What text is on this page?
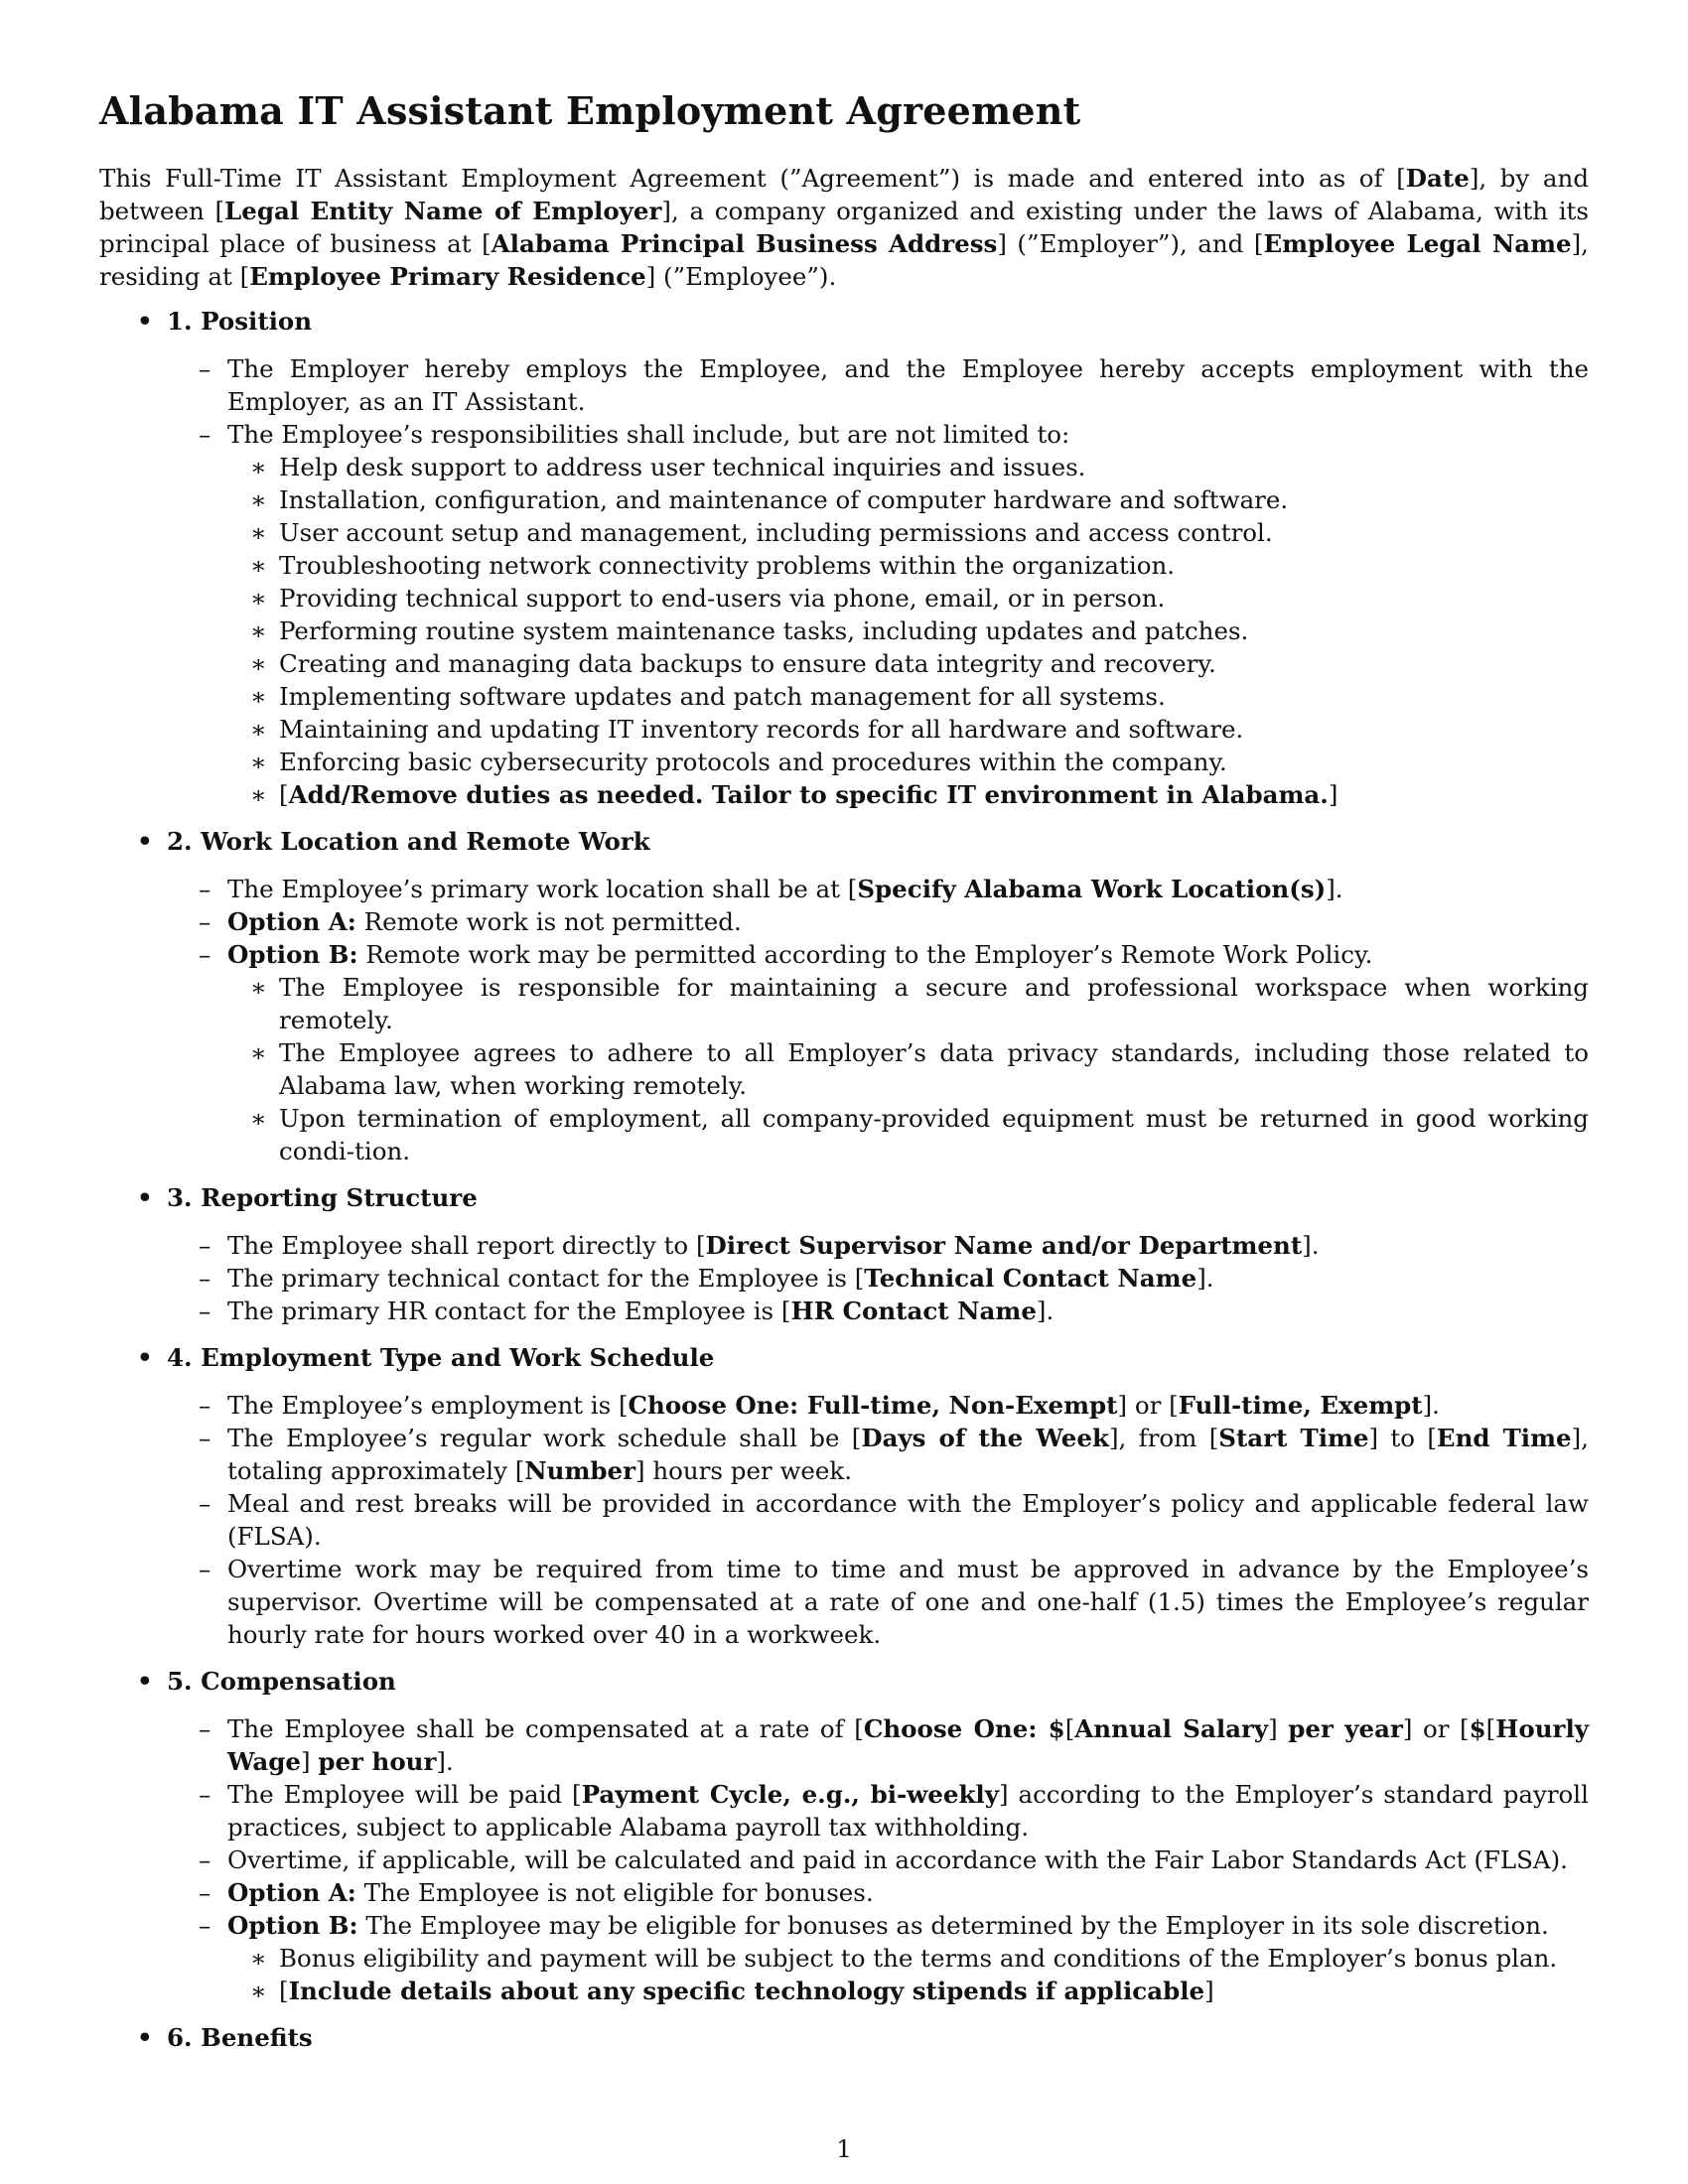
Alabama IT Assistant Employment Agreement
This Full-Time IT Assistant Employment Agreement (”Agreement”) is made and entered into as of [Date], by and between [Legal Entity Name of Employer], a company organized and existing under the laws of Alabama, with its principal place of business at [Alabama Principal Business Address] (”Employer”), and [Employee Legal Name], residing at [Employee Primary Residence] (”Employee”).
• 1. Position
– The Employer hereby employs the Employee, and the Employee hereby accepts employment with the Employer, as an IT Assistant.
– The Employee’s responsibilities shall include, but are not limited to:
∗ Help desk support to address user technical inquiries and issues.
∗ Installation, configuration, and maintenance of computer hardware and software.
∗ User account setup and management, including permissions and access control.
∗ Troubleshooting network connectivity problems within the organization.
∗ Providing technical support to end-users via phone, email, or in person.
∗ Performing routine system maintenance tasks, including updates and patches.
∗ Creating and managing data backups to ensure data integrity and recovery.
∗ Implementing software updates and patch management for all systems.
∗ Maintaining and updating IT inventory records for all hardware and software.
∗ Enforcing basic cybersecurity protocols and procedures within the company.
∗ [Add/Remove duties as needed. Tailor to specific IT environment in Alabama.]
• 2. Work Location and Remote Work
– The Employee’s primary work location shall be at [Specify Alabama Work Location(s)].
– Option A: Remote work is not permitted.
– Option B: Remote work may be permitted according to the Employer’s Remote Work Policy.
∗ The Employee is responsible for maintaining a secure and professional workspace when working remotely.
∗ The Employee agrees to adhere to all Employer’s data privacy standards, including those related to Alabama law, when working remotely.
∗ Upon termination of employment, all company-provided equipment must be returned in good working condi-tion.
• 3. Reporting Structure
– The Employee shall report directly to [Direct Supervisor Name and/or Department].
– The primary technical contact for the Employee is [Technical Contact Name].
– The primary HR contact for the Employee is [HR Contact Name].
• 4. Employment Type and Work Schedule
– The Employee’s employment is [Choose One: Full-time, Non-Exempt] or [Full-time, Exempt].
– The Employee’s regular work schedule shall be [Days of the Week], from [Start Time] to [End Time], totaling approximately [Number] hours per week.
– Meal and rest breaks will be provided in accordance with the Employer’s policy and applicable federal law (FLSA).
– Overtime work may be required from time to time and must be approved in advance by the Employee’s supervisor. Overtime will be compensated at a rate of one and one-half (1.5) times the Employee’s regular hourly rate for hours worked over 40 in a workweek.
• 5. Compensation
– The Employee shall be compensated at a rate of [Choose One: $[Annual Salary] per year] or [$[Hourly Wage] per hour].
– The Employee will be paid [Payment Cycle, e.g., bi-weekly] according to the Employer’s standard payroll practices, subject to applicable Alabama payroll tax withholding.
– Overtime, if applicable, will be calculated and paid in accordance with the Fair Labor Standards Act (FLSA).
– Option A: The Employee is not eligible for bonuses.
– Option B: The Employee may be eligible for bonuses as determined by the Employer in its sole discretion.
∗ Bonus eligibility and payment will be subject to the terms and conditions of the Employer’s bonus plan.
∗ [Include details about any specific technology stipends if applicable]
• 6. Benefits
1
